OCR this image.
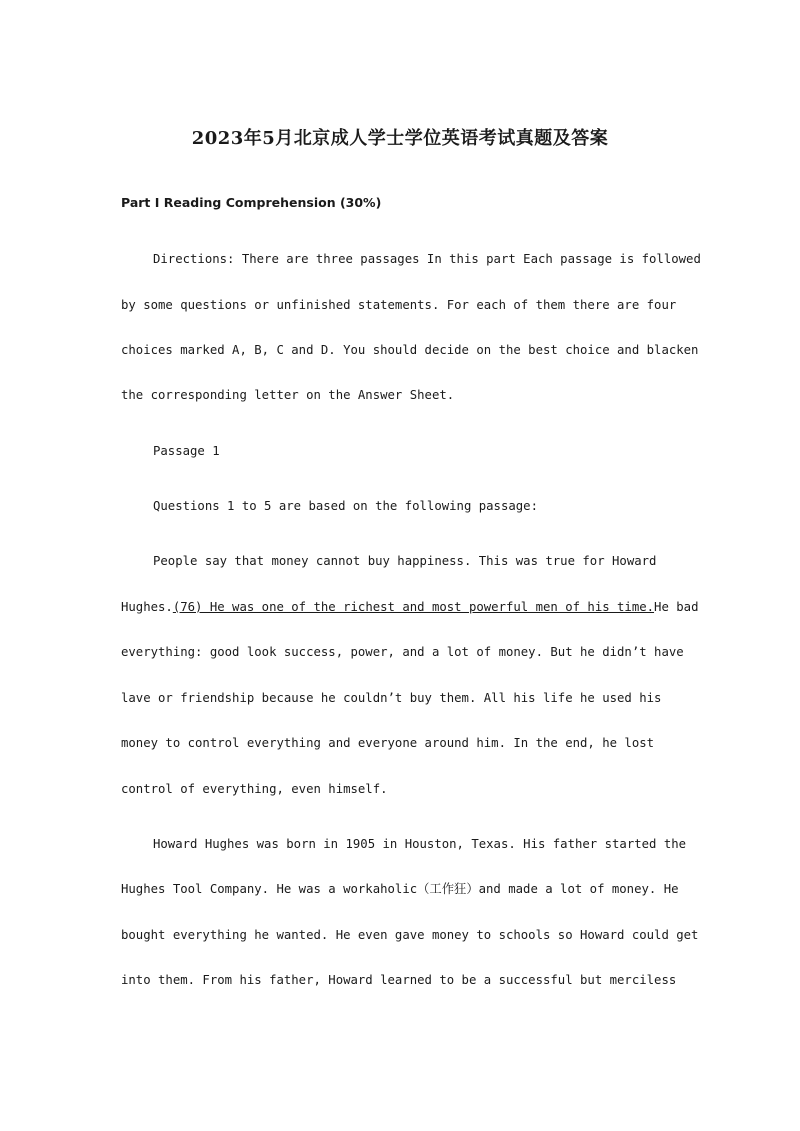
2023年5月北京成人学士学位英语考试真题及答案
Part I Reading Comprehension (30%)
Directions: There are three passages In this part Each passage is followed
by some questions or unfinished statements. For each of them there are four
choices marked A, B, C and D. You should decide on the best choice and blacken
the corresponding letter on the Answer Sheet.
Passage 1
Questions 1 to 5 are based on the following passage:
People say that money cannot buy happiness. This was true for Howard
Hughes.(76) He was one of the richest and most powerful men of his time.He bad
everything: good look success, power, and a lot of money. But he didn’t have
lave or friendship because he couldn’t buy them. All his life he used his
money to control everything and everyone around him. In the end, he lost
control of everything, even himself.
Howard Hughes was born in 1905 in Houston, Texas. His father started the
Hughes Tool Company. He was a workaholic（工作狂）and made a lot of money. He
bought everything he wanted. He even gave money to schools so Howard could get
into them. From his father, Howard learned to be a successful but merciless
